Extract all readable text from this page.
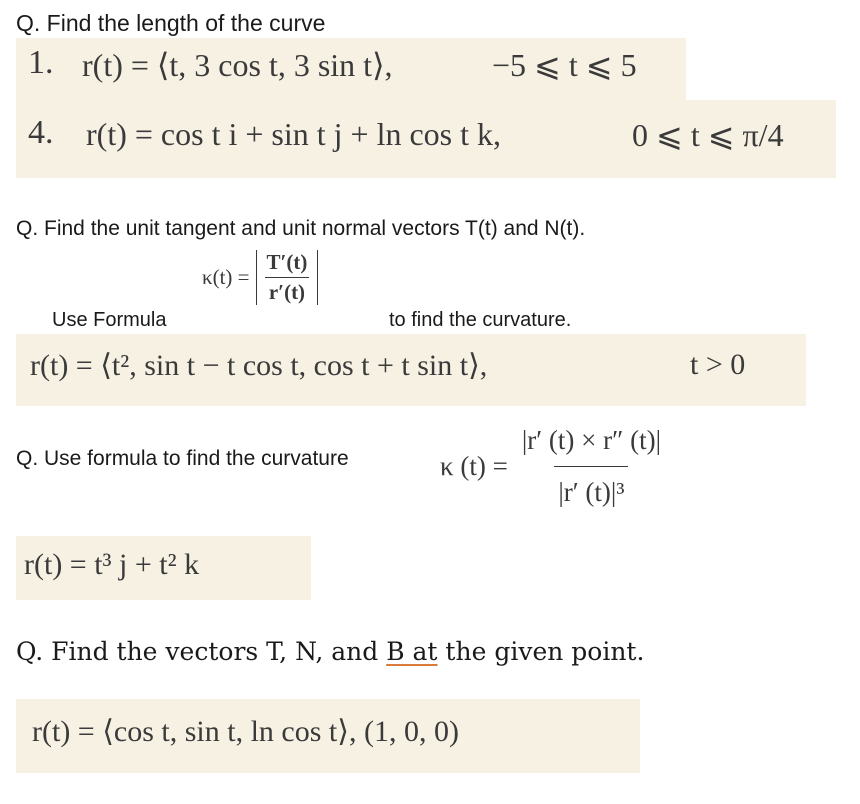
Q. Find the length of the curve
1. r(t) = ⟨t, 3 cos t, 3 sin t⟩,	−5 ⩽ t ⩽ 5
4. r(t) = cos t i + sin t j + ln cos t k,	0 ⩽ t ⩽ π/4
Q. Find the unit tangent and unit normal vectors T(t) and N(t).
$\kappa(t) = \frac{T'(t)}{r'(t)}$
Use Formula	to find the curvature.
r(t) = ⟨t², sin t − t cos t, cos t + t sin t⟩,	t > 0
Q. Use formula to find the curvature	κ $(t) = \frac{|r' (t) \times r'' (t)|}{\text{|r′ (t)|³}}$
r(t) = t³ j + t² k
Q. Find the vectors T, N, and B at the given point.
r(t) = ⟨cos t, sin t, ln cos t⟩, (1, 0, 0)
